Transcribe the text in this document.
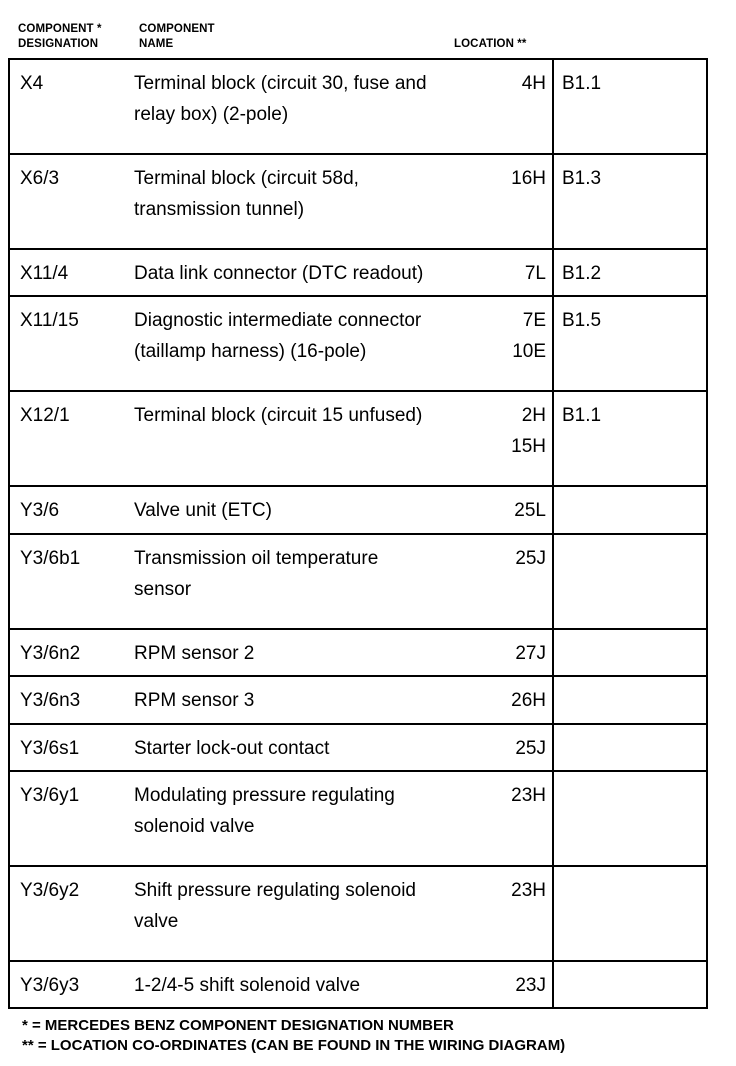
COMPONENT *
DESIGNATION
COMPONENT
NAME	LOCATION **
X4	Terminal block (circuit 30, fuse and
relay box) (2-pole)	4H	B1.1

X6/3	Terminal block (circuit 58d,
transmission tunnel)	16H	B1.3

X11/4	Data link connector (DTC readout)	7L	B1.2

X11/15	Diagnostic intermediate connector
(taillamp harness) (16-pole)	7E
10E	B1.5

X12/1	Terminal block (circuit 15 unfused)	2H
15H	B1.1

Y3/6	Valve unit (ETC)	25L	

Y3/6b1	Transmission oil temperature
sensor	25J	

Y3/6n2	RPM sensor 2	27J	

Y3/6n3	RPM sensor 3	26H	

Y3/6s1	Starter lock-out contact	25J	

Y3/6y1	Modulating pressure regulating
solenoid valve	23H	

Y3/6y2	Shift pressure regulating solenoid
valve	23H	

Y3/6y3	1-2/4-5 shift solenoid valve	23J	

* = MERCEDES BENZ COMPONENT DESIGNATION NUMBER
** = LOCATION CO-ORDINATES (CAN BE FOUND IN THE WIRING DIAGRAM)
